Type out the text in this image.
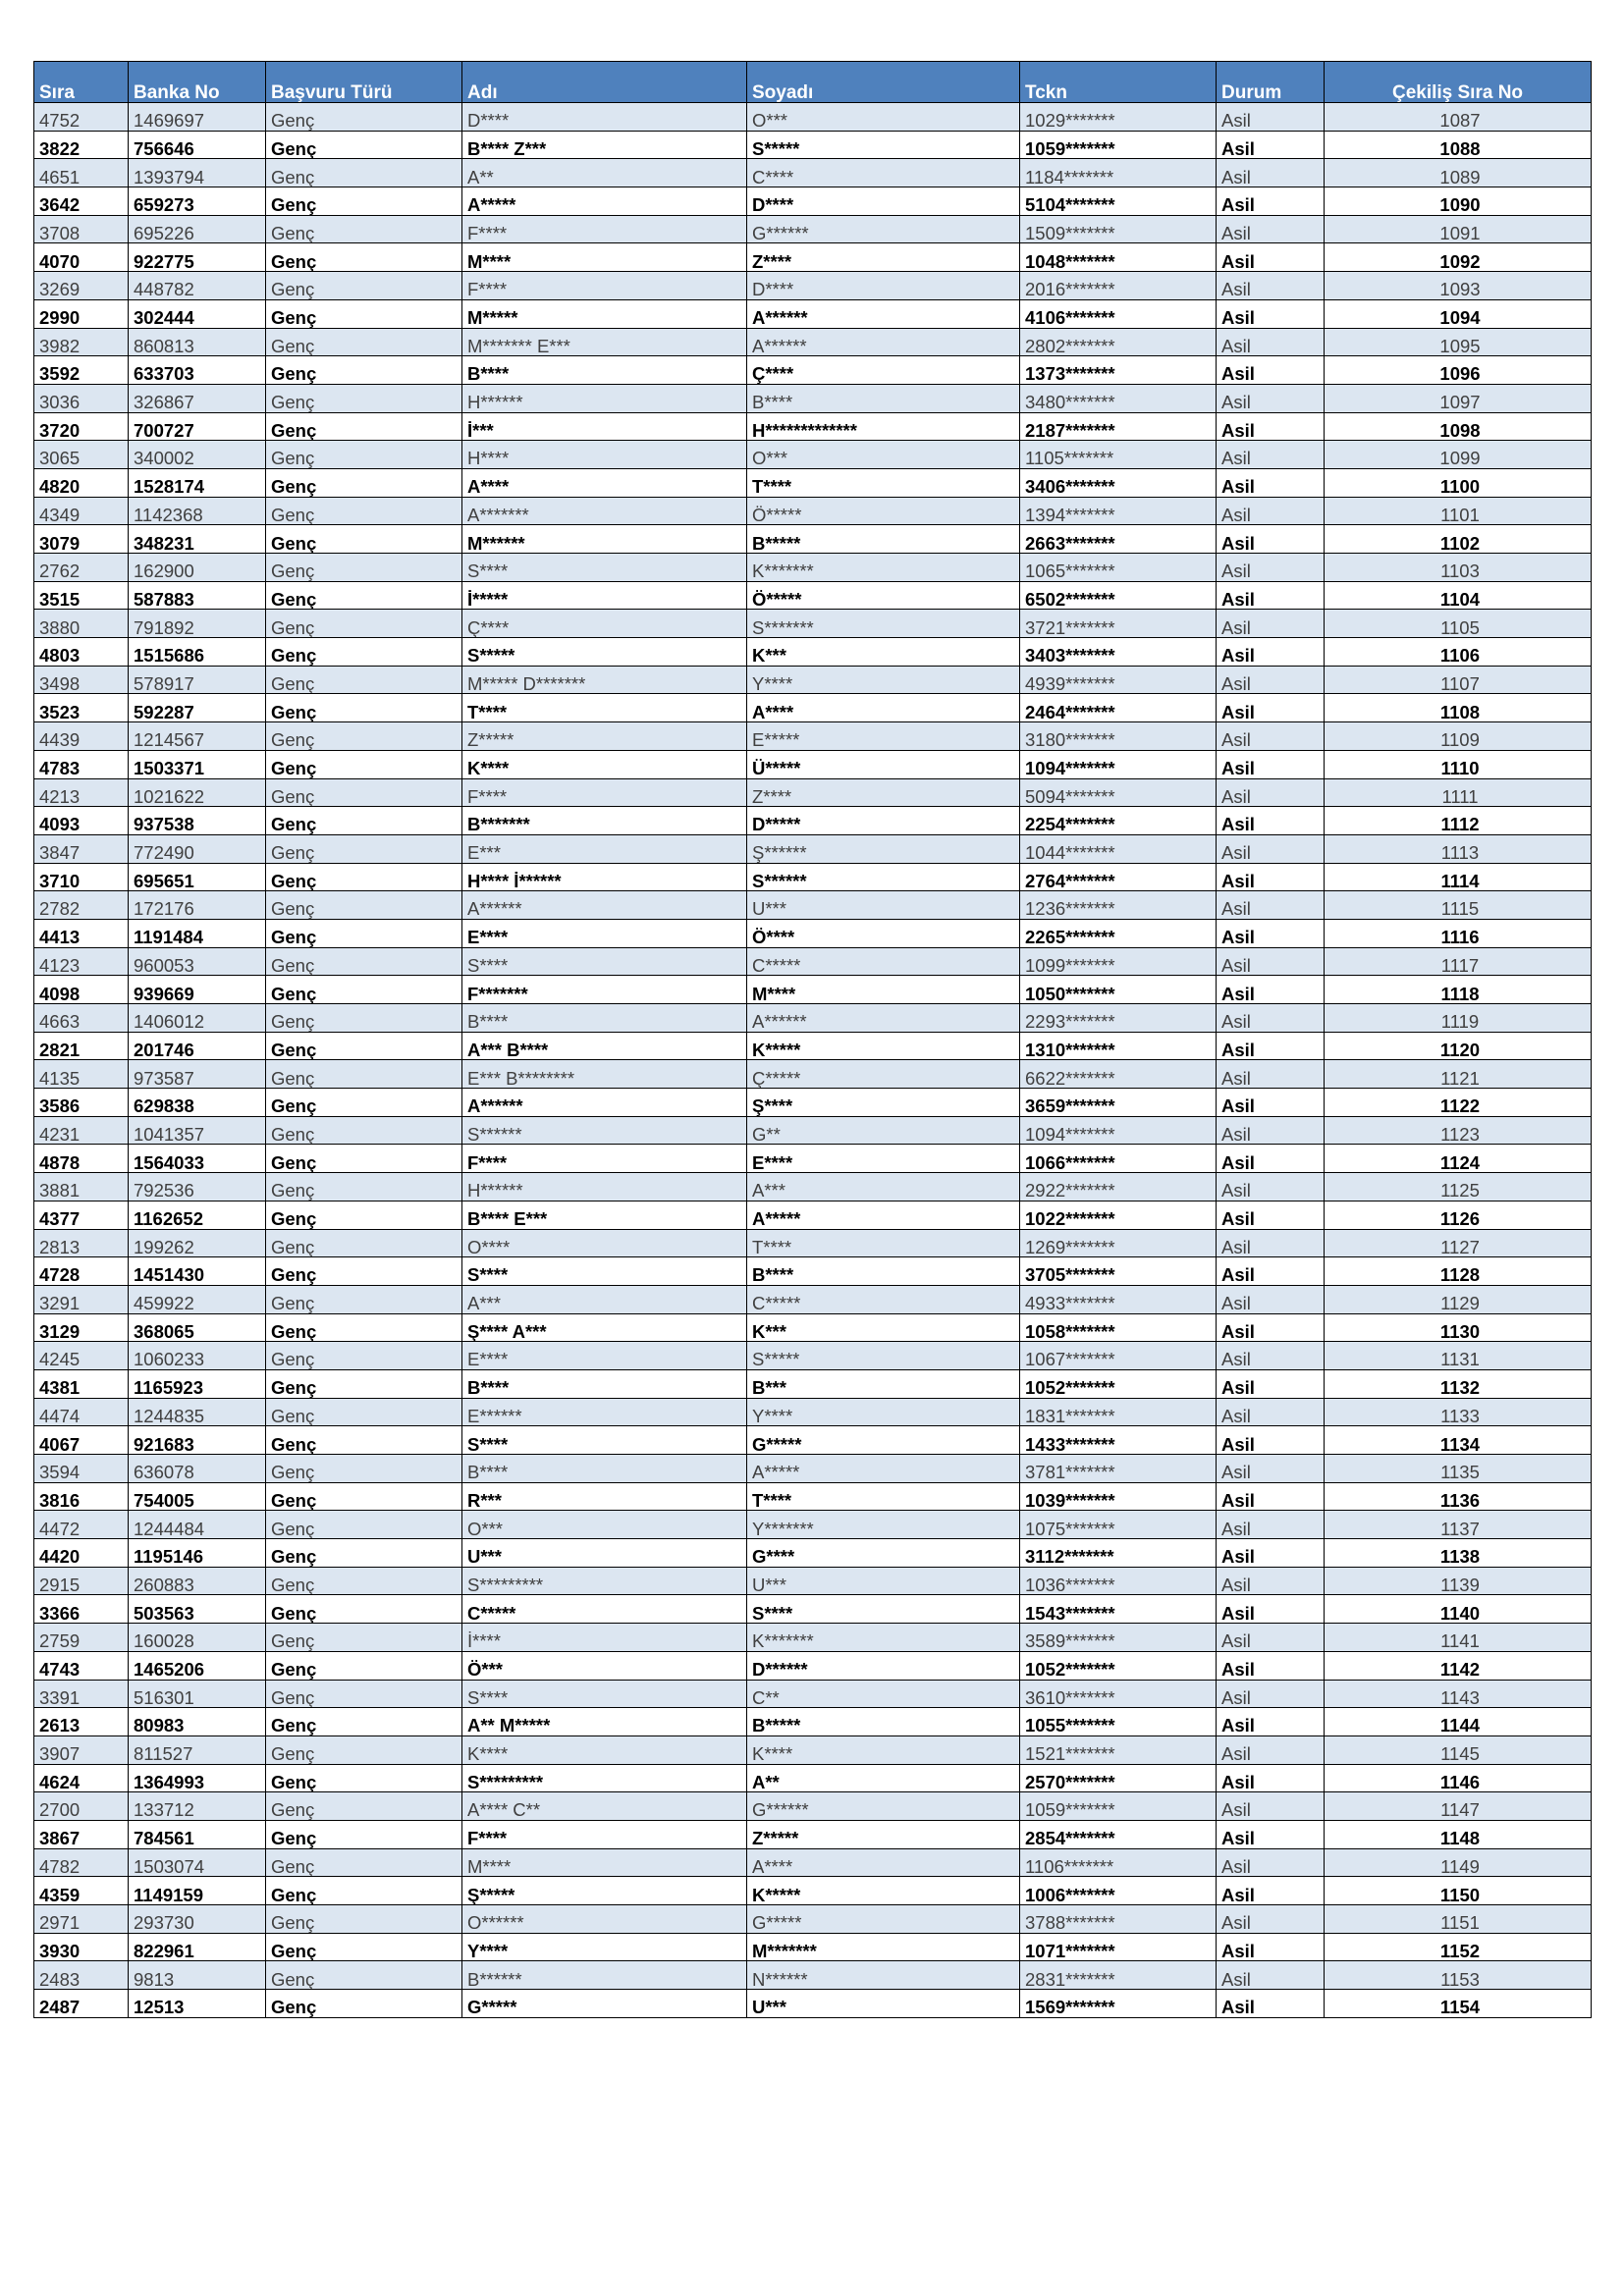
Sıra	Banka No	Başvuru Türü	Adı	Soyadı	Tckn	Durum	Çekiliş Sıra No
4752	1469697	Genç	D****	O***	1029*******	Asil	1087
3822	756646	Genç	B**** Z***	S*****	1059*******	Asil	1088
4651	1393794	Genç	A**	C****	1184*******	Asil	1089
3642	659273	Genç	A*****	D****	5104*******	Asil	1090
3708	695226	Genç	F****	G******	1509*******	Asil	1091
4070	922775	Genç	M****	Z****	1048*******	Asil	1092
3269	448782	Genç	F****	D****	2016*******	Asil	1093
2990	302444	Genç	M*****	A******	4106*******	Asil	1094
3982	860813	Genç	M******* E***	A******	2802*******	Asil	1095
3592	633703	Genç	B****	Ç****	1373*******	Asil	1096
3036	326867	Genç	H******	B****	3480*******	Asil	1097
3720	700727	Genç	İ***	H*************	2187*******	Asil	1098
3065	340002	Genç	H****	O***	1105*******	Asil	1099
4820	1528174	Genç	A****	T****	3406*******	Asil	1100
4349	1142368	Genç	A*******	Ö*****	1394*******	Asil	1101
3079	348231	Genç	M******	B*****	2663*******	Asil	1102
2762	162900	Genç	S****	K*******	1065*******	Asil	1103
3515	587883	Genç	İ*****	Ö*****	6502*******	Asil	1104
3880	791892	Genç	Ç****	S*******	3721*******	Asil	1105
4803	1515686	Genç	S*****	K***	3403*******	Asil	1106
3498	578917	Genç	M***** D*******	Y****	4939*******	Asil	1107
3523	592287	Genç	T****	A****	2464*******	Asil	1108
4439	1214567	Genç	Z*****	E*****	3180*******	Asil	1109
4783	1503371	Genç	K****	Ü*****	1094*******	Asil	1110
4213	1021622	Genç	F****	Z****	5094*******	Asil	1111
4093	937538	Genç	B*******	D*****	2254*******	Asil	1112
3847	772490	Genç	E***	Ş******	1044*******	Asil	1113
3710	695651	Genç	H**** İ******	S******	2764*******	Asil	1114
2782	172176	Genç	A******	U***	1236*******	Asil	1115
4413	1191484	Genç	E****	Ö****	2265*******	Asil	1116
4123	960053	Genç	S****	C*****	1099*******	Asil	1117
4098	939669	Genç	F*******	M****	1050*******	Asil	1118
4663	1406012	Genç	B****	A******	2293*******	Asil	1119
2821	201746	Genç	A*** B****	K*****	1310*******	Asil	1120
4135	973587	Genç	E*** B********	Ç*****	6622*******	Asil	1121
3586	629838	Genç	A******	Ş****	3659*******	Asil	1122
4231	1041357	Genç	S******	G**	1094*******	Asil	1123
4878	1564033	Genç	F****	E****	1066*******	Asil	1124
3881	792536	Genç	H******	A***	2922*******	Asil	1125
4377	1162652	Genç	B**** E***	A*****	1022*******	Asil	1126
2813	199262	Genç	O****	T****	1269*******	Asil	1127
4728	1451430	Genç	S****	B****	3705*******	Asil	1128
3291	459922	Genç	A***	C*****	4933*******	Asil	1129
3129	368065	Genç	Ş**** A***	K***	1058*******	Asil	1130
4245	1060233	Genç	E****	S*****	1067*******	Asil	1131
4381	1165923	Genç	B****	B***	1052*******	Asil	1132
4474	1244835	Genç	E******	Y****	1831*******	Asil	1133
4067	921683	Genç	S****	G*****	1433*******	Asil	1134
3594	636078	Genç	B****	A*****	3781*******	Asil	1135
3816	754005	Genç	R***	T****	1039*******	Asil	1136
4472	1244484	Genç	O***	Y*******	1075*******	Asil	1137
4420	1195146	Genç	U***	G****	3112*******	Asil	1138
2915	260883	Genç	S*********	U***	1036*******	Asil	1139
3366	503563	Genç	C*****	S****	1543*******	Asil	1140
2759	160028	Genç	İ****	K*******	3589*******	Asil	1141
4743	1465206	Genç	Ö***	D******	1052*******	Asil	1142
3391	516301	Genç	S****	C**	3610*******	Asil	1143
2613	80983	Genç	A** M*****	B*****	1055*******	Asil	1144
3907	811527	Genç	K****	K****	1521*******	Asil	1145
4624	1364993	Genç	S*********	A**	2570*******	Asil	1146
2700	133712	Genç	A**** C**	G******	1059*******	Asil	1147
3867	784561	Genç	F****	Z*****	2854*******	Asil	1148
4782	1503074	Genç	M****	A****	1106*******	Asil	1149
4359	1149159	Genç	Ş*****	K*****	1006*******	Asil	1150
2971	293730	Genç	O******	G*****	3788*******	Asil	1151
3930	822961	Genç	Y****	M*******	1071*******	Asil	1152
2483	9813	Genç	B******	N******	2831*******	Asil	1153
2487	12513	Genç	G*****	U***	1569*******	Asil	1154
